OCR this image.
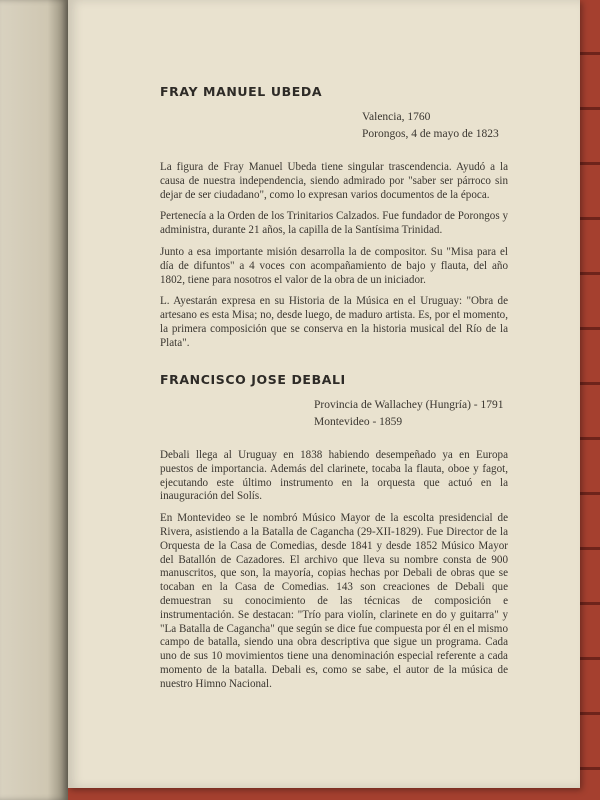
FRAY MANUEL UBEDA
Valencia, 1760
Porongos, 4 de mayo de 1823

La figura de Fray Manuel Ubeda tiene singular trascendencia. Ayudó a la causa de nuestra independencia, siendo admirado por "saber ser párroco sin dejar de ser ciudadano", como lo expresan varios documentos de la época.

Pertenecía a la Orden de los Trinitarios Calzados. Fue fundador de Porongos y administra, durante 21 años, la capilla de la Santísima Trinidad.

Junto a esa importante misión desarrolla la de compositor. Su "Misa para el día de difuntos" a 4 voces con acompañamiento de bajo y flauta, del año 1802, tiene para nosotros el valor de la obra de un iniciador.

L. Ayestarán expresa en su Historia de la Música en el Uruguay: "Obra de artesano es esta Misa; no, desde luego, de maduro artista. Es, por el momento, la primera composición que se conserva en la historia musical del Río de la Plata".

FRANCISCO JOSE DEBALI
Provincia de Wallachey (Hungría) - 1791
Montevideo - 1859

Debali llega al Uruguay en 1838 habiendo desempeñado ya en Europa puestos de importancia. Además del clarinete, tocaba la flauta, oboe y fagot, ejecutando este último instrumento en la orquesta que actuó en la inauguración del Solís.

En Montevideo se le nombró Músico Mayor de la escolta presidencial de Rivera, asistiendo a la Batalla de Cagancha (29-XII-1829). Fue Director de la Orquesta de la Casa de Comedias, desde 1841 y desde 1852 Músico Mayor del Batallón de Cazadores. El archivo que lleva su nombre consta de 900 manuscritos, que son, la mayoría, copias hechas por Debali de obras que se tocaban en la Casa de Comedias. 143 son creaciones de Debali que demuestran su conocimiento de las técnicas de composición e instrumentación. Se destacan: "Trío para violín, clarinete en do y guitarra" y "La Batalla de Cagancha" que según se dice fue compuesta por él en el mismo campo de batalla, siendo una obra descriptiva que sigue un programa. Cada uno de sus 10 movimientos tiene una denominación especial referente a cada momento de la batalla. Debali es, como se sabe, el autor de la música de nuestro Himno Nacional.
